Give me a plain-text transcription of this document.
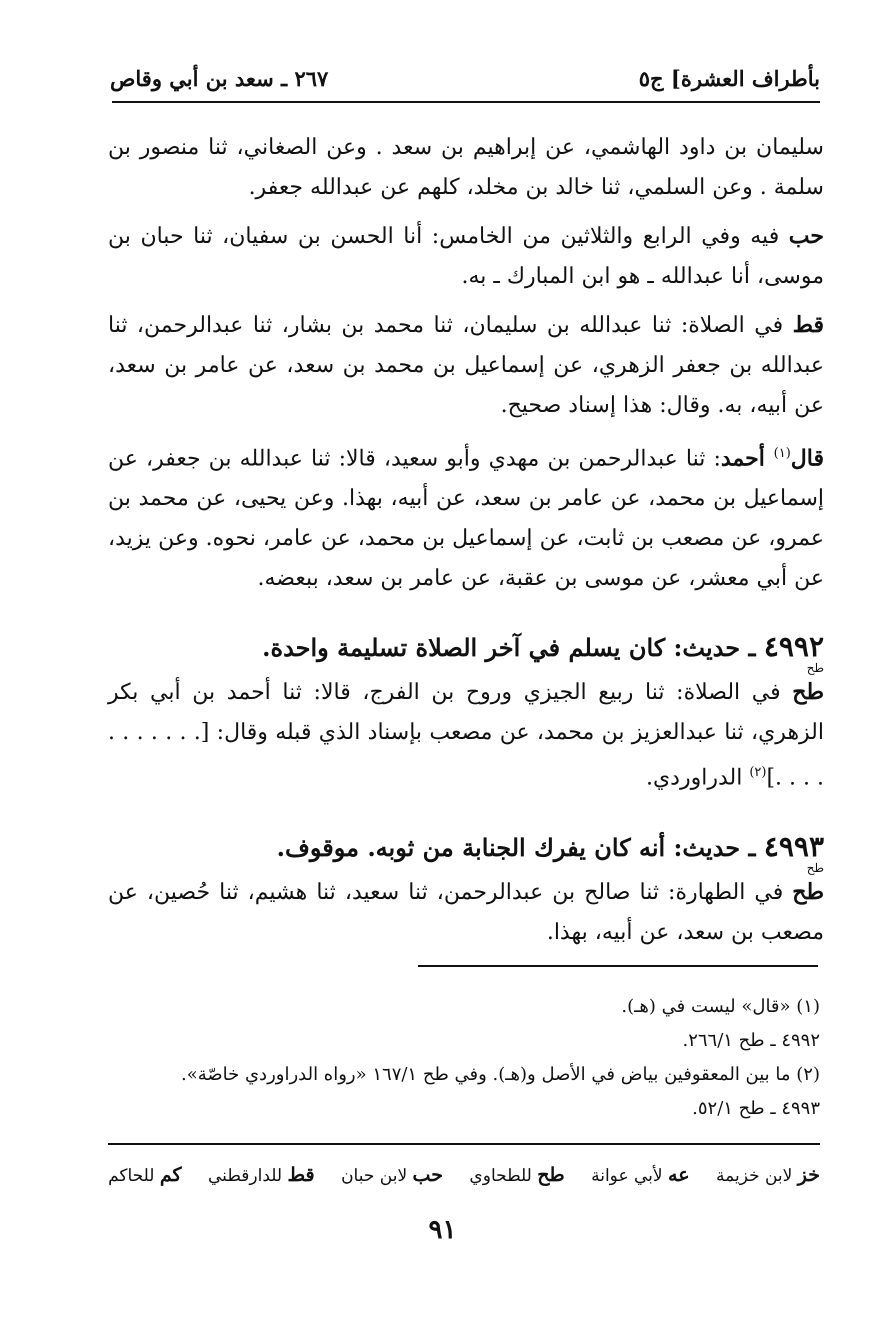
بأطراف العشرة] ج٥
٢٦٧ ـ سعد بن أبي وقاص

سليمان بن داود الهاشمي، عن إبراهيم بن سعد . وعن الصغاني، ثنا منصور بن سلمة . وعن السلمي، ثنا خالد بن مخلد، كلهم عن عبدالله جعفر.

حب فيه وفي الرابع والثلاثين من الخامس: أنا الحسن بن سفيان، ثنا حبان بن موسى، أنا عبدالله ـ هو ابن المبارك ـ به.

قط في الصلاة: ثنا عبدالله بن سليمان، ثنا محمد بن بشار، ثنا عبدالرحمن، ثنا عبدالله بن جعفر الزهري، عن إسماعيل بن محمد بن سعد، عن عامر بن سعد، عن أبيه، به. وقال: هذا إسناد صحيح.

قال$^{(١)}$ أحمد: ثنا عبدالرحمن بن مهدي وأبو سعيد، قالا: ثنا عبدالله بن جعفر، عن إسماعيل بن محمد، عن عامر بن سعد، عن أبيه، بهذا. وعن يحيى، عن محمد بن عمرو، عن مصعب بن ثابت، عن إسماعيل بن محمد، عن عامر، نحوه. وعن يزيد، عن أبي معشر، عن موسى بن عقبة، عن عامر بن سعد، ببعضه.

٤٩٩٢ ـ حديث: كان يسلم في آخر الصلاة تسليمة واحدة.
طح

طح في الصلاة: ثنا ربيع الجيزي وروح بن الفرج، قالا: ثنا أحمد بن أبي بكر الزهري، ثنا عبدالعزيز بن محمد، عن مصعب بإسناد الذي قبله وقال: [. . . . . . . . . . .]$^{(٢)}$ الدراوردي.

٤٩٩٣ ـ حديث: أنه كان يفرك الجنابة من ثوبه. موقوف.
طح

طح في الطهارة: ثنا صالح بن عبدالرحمن، ثنا سعيد، ثنا هشيم، ثنا حُصين، عن مصعب بن سعد، عن أبيه، بهذا.

(١) «قال» ليست في (هـ).
٤٩٩٢ ـ طح ٢٦٦/١.
(٢) ما بين المعقوفين بياض في الأصل و(هـ). وفي طح ١٦٧/١ «رواه الدراوردي خاصّة».
٤٩٩٣ ـ طح ٥٢/١.
خز لابن خزيمة
عه لأبي عوانة
طح للطحاوي
حب لابن حبان
قط للدارقطني
كم للحاكم
٩١
